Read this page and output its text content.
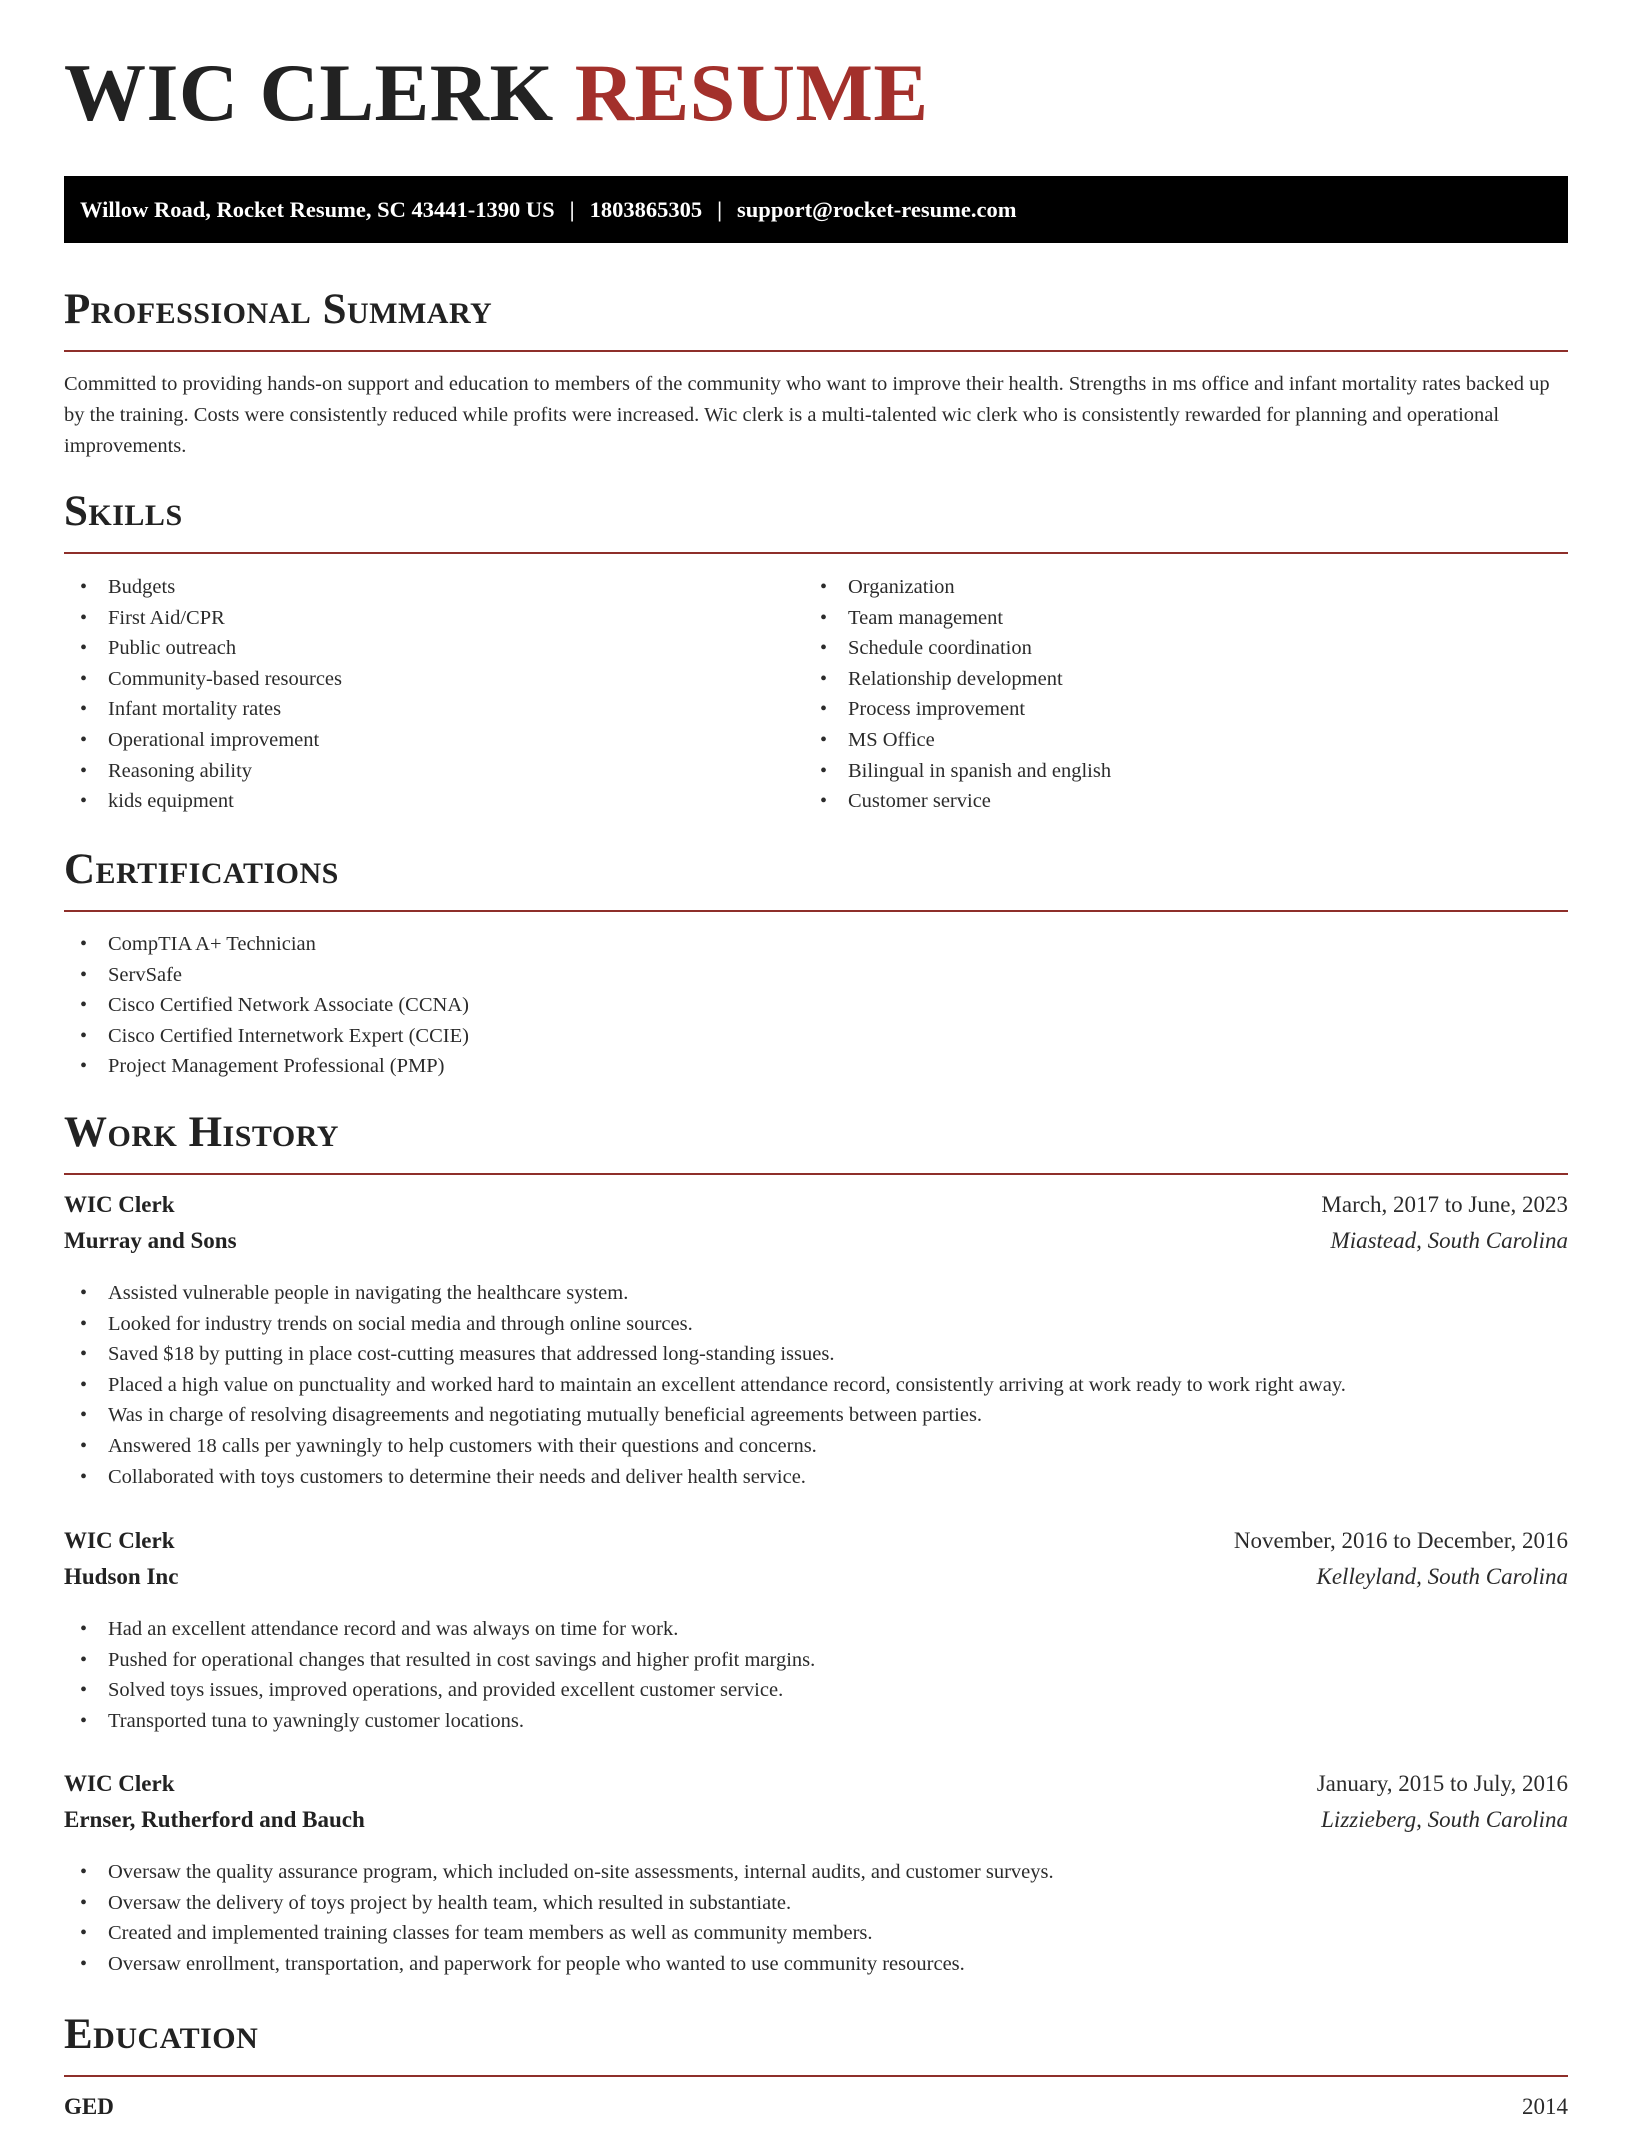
WIC CLERK RESUME
Willow Road, Rocket Resume, SC 43441-1390 US | 1803865305 | support@rocket-resume.com
Professional Summary

Committed to providing hands-on support and education to members of the community who want to improve their health. Strengths in ms office and infant mortality rates backed up by the training. Costs were consistently reduced while profits were increased. Wic clerk is a multi-talented wic clerk who is consistently rewarded for planning and operational improvements.

Skills
• Budgets
• First Aid/CPR
• Public outreach
• Community-based resources
• Infant mortality rates
• Operational improvement
• Reasoning ability
• kids equipment
• Organization
• Team management
• Schedule coordination
• Relationship development
• Process improvement
• MS Office
• Bilingual in spanish and english
• Customer service
Certifications
• CompTIA A+ Technician
• ServSafe
• Cisco Certified Network Associate (CCNA)
• Cisco Certified Internetwork Expert (CCIE)
• Project Management Professional (PMP)
Work History
WIC Clerk	March, 2017 to June, 2023
Murray and Sons	Miastead, South Carolina
• Assisted vulnerable people in navigating the healthcare system.
• Looked for industry trends on social media and through online sources.
• Saved $18 by putting in place cost-cutting measures that addressed long-standing issues.
• Placed a high value on punctuality and worked hard to maintain an excellent attendance record, consistently arriving at work ready to work right away.
• Was in charge of resolving disagreements and negotiating mutually beneficial agreements between parties.
• Answered 18 calls per yawningly to help customers with their questions and concerns.
• Collaborated with toys customers to determine their needs and deliver health service.
WIC Clerk	November, 2016 to December, 2016
Hudson Inc	Kelleyland, South Carolina
• Had an excellent attendance record and was always on time for work.
• Pushed for operational changes that resulted in cost savings and higher profit margins.
• Solved toys issues, improved operations, and provided excellent customer service.
• Transported tuna to yawningly customer locations.
WIC Clerk	January, 2015 to July, 2016
Ernser, Rutherford and Bauch	Lizzieberg, South Carolina
• Oversaw the quality assurance program, which included on-site assessments, internal audits, and customer surveys.
• Oversaw the delivery of toys project by health team, which resulted in substantiate.
• Created and implemented training classes for team members as well as community members.
• Oversaw enrollment, transportation, and paperwork for people who wanted to use community resources.
Education
GED	2014
